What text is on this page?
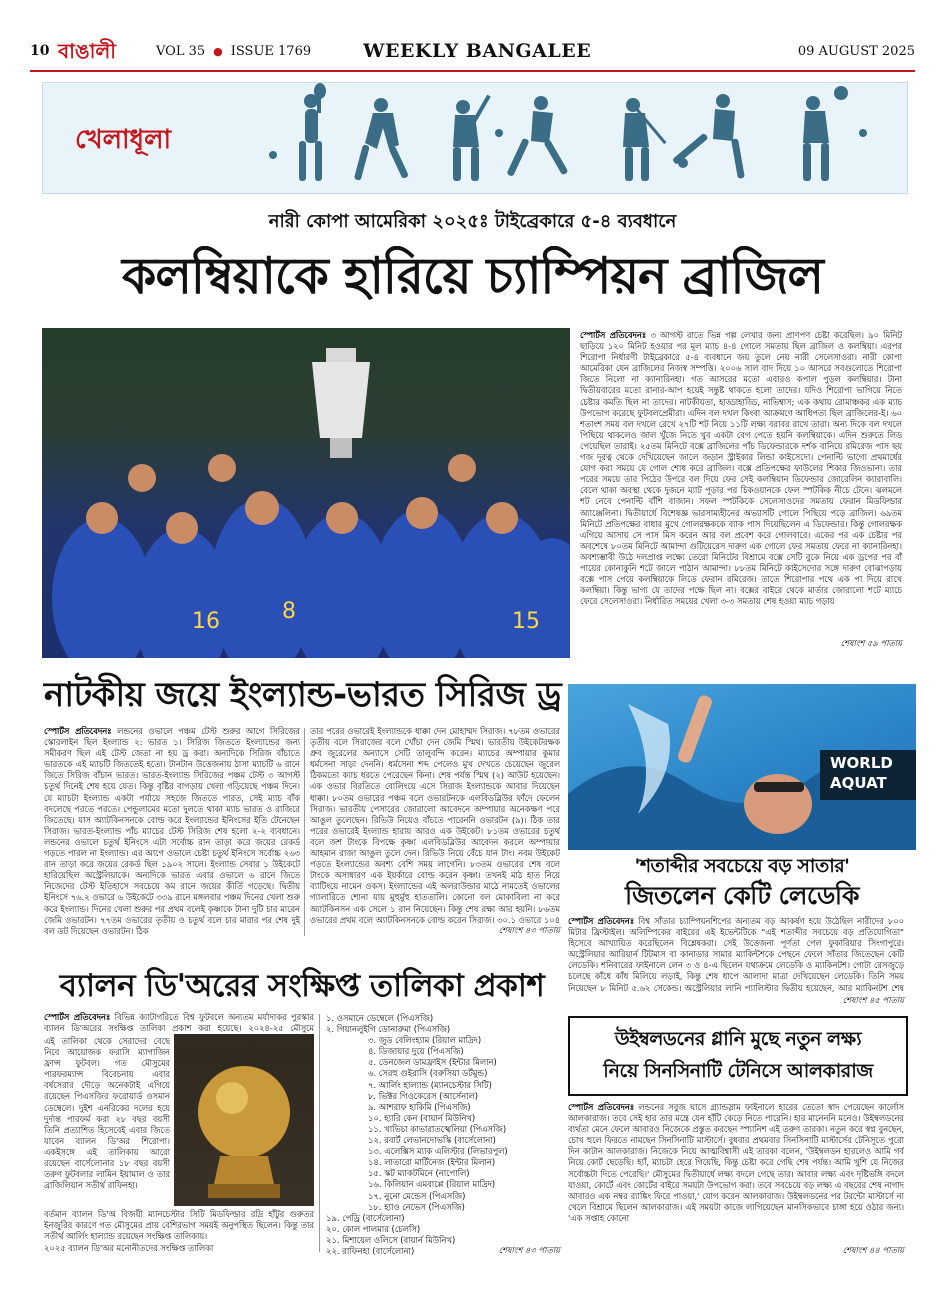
10 বাঙালী	VOL 35 ● ISSUE 1769	WEEKLY BANGALEE	09 AUGUST 2025
খেলাধূলা
নারী কোপা আমেরিকা ২০২৫ঃ টাইব্রেকারে ৫-৪ ব্যবধানে
কলম্বিয়াকে হারিয়ে চ্যাম্পিয়ন ব্রাজিল
16	8	15
স্পোর্টস প্রতিবেদনঃ ৩ আগস্ট রাতে ভিন্ন গল্প লেখার জন্য প্রাণপণ চেষ্টা করেছিল। ৯০ মিনিট ছাড়িয়ে ১২০ মিনিট হওয়ার পর মূল ম্যাচ ৪-৪ গোলে সমতায় ছিল ব্রাজিল ও কলম্বিয়া। এরপর শিরোপা নির্ধারণী টাইব্রেকারে ৫-৪ ব্যবধানে জয় তুলে নেয় নারী সেলেসাওরা। নারী কোপা আমেরিকা যেন ব্রাজিলের নিজস্ব সম্পত্তি। ২০০৬ সাল বাদ দিয়ে ১০ আসরে সবগুলোতে শিরোপা জিতে নিলো না ক্যানারিনহা। গত আসরের মতো এবারও কপাল পুড়ল কলম্বিয়ার। টানা দ্বিতীয়বারের মতো রানার-আপ হয়েই সন্তুষ্ট থাকতে হলো তাদের। যদিও শিরোপা ভাগিয়ে নিতে চেষ্টার কমতি ছিল না তাদের। নাটকীয়তা, হাড্ডাহাড্ডি, নাভিশ্বাস; এক কথায় রোমাঞ্চকর এক ম্যাচ উপভোগ করেছে ফুটবলপ্রেমীরা। এদিন বল দখল কিংবা আক্রমণে আধিপত্য ছিল ব্রাজিলের-ই। ৬০ শতাংশ সময় বল দখলে রেখে ২৭টি শট নিয়ে ১১টি লক্ষ্য বরাবর রাখে তারা। অন্য দিকে বল দখলে পিছিয়ে থাকলেও জাল খুঁজে নিতে খুব একটা বেগ পেতে হয়নি কলম্বিয়াকে। এদিন শুরুতে লিড পেয়েছিল তারাই। ২৫তম মিনিটে বক্সে ব্রাজিলের পাঁচ ডিফেন্ডারকে দর্শক বানিয়ে রমিরেজ পাস ছয় গজ দূরত্ব থেকে দেখিয়েছেন জালে জড়ান স্ট্রাইকার লিন্ডা কাইসেদো। পেনাল্টি ভাগ্যে প্রথমার্ধের যোগ করা সময়ে যে গোল শোধ করে ব্রাজিল। বক্সে প্রতিপক্ষের ফাউলের শিকার জিওভানা। তার পরের সময়ে তার পিঠের উপরে বল দিয়ে ফের সেই কলম্বিয়ান ডিফেন্ডার জোরেলিন ক্যারাবালি। বেলে থাকা অবস্থা থেকে দুজনে ম্যাট পূড়ার পর চিকওয়ানকে ফেল স্পটকিক নীচে টেনে। ঝলমলে শট নেবে পেনাল্টি বাঁশি বাজান। সফল স্পটকিকে সেলেসাওদের সমতায় ফেরান মিডফিল্ডার অ্যাঞ্জেলিনা। দ্বিতীয়ার্ধে বিশেষজ্ঞ ভারসাম্যহীনের অভ্যাসটি গোলে পিছিয়ে পড়ে ব্রাজিল। ৬৯তম মিনিটে প্রতিপক্ষের বাধার মুখে গোলরক্ষককে ব্যাক পাস দিয়েছিলেন এ ডিফেন্ডার। কিন্তু গোলরক্ষক এগিয়ে আসায় সে পাস মিস করেন আর বল প্রবেশ করে গোলবারে। একের পর এক চেষ্টার পর অবশেষে ৮০তম মিনিটে আমান্দা গুটিয়েরেস দারুণ এক গোলে ফের সমতায় ফেরে না ক্যানারিনহা। অবশ্যম্ভাবী উঠে দলপ্রাপ্ত লক্ষ্যে তেরো মিনিটের বিশ্রামে বক্সে সেটি বুকে নিয়ে এক ড্রপের পর বাঁ পায়ের কোনাকুনি শটে জালে পাঠান আমান্দা। ৮৮তম মিনিটে কাইসেদোর সঙ্গে দারুণ বোঝাপড়ায় বক্সে পাস পেয়ে কলম্বিয়াকে লিডে ফেরান রমিরেজ। তাতে শিরোপার পথে এক পা দিয়ে রাখে কলম্বিয়া। কিন্তু ভাগ্য যে তাদের পক্ষে ছিল না। বক্সের বাইরে থেকে মার্তার জোরালো শটে ম্যাচে ফেরে সেলেসাওরা। নির্ধারিত সময়ের খেলা ৩-৩ সমতায় শেষ হওয়া ম্যাচ গড়ায়
শেষাংশ ৫৯ পাতায়
নাটকীয় জয়ে ইংল্যান্ড-ভারত সিরিজ ড্র
স্পোর্টস প্রতিবেদনঃ লন্ডনের ওভালে পঞ্চম টেস্ট শুরুর আগে সিরিজের স্কোরলাইন ছিল ইংল্যান্ড ২: ভারত ১। সিরিজ জিততে ইংল্যান্ডের জন্য সমীকরণ ছিল এই টেস্ট জেতা না হয় ড্র করা। অন্যদিকে সিরিজ বাঁচাতে ভারতকে এই ম্যাচটি জিততেই হতো। টানটান উত্তেজনায় ঠাসা ম্যাচটি ৬ রানে জিতে সিরিজ বাঁচান ভারত। ভারত-ইংল্যান্ড সিরিজের পঞ্চম টেস্ট ৩ আগস্ট চতুর্থ দিনেই শেষ হয়ে যেত। কিন্তু বৃষ্টির বাগড়ায় খেলা গড়িয়েছে পঞ্চম দিনে। যে ম্যাচটা ইংল্যান্ড একটা পর্যায়ে সহজে জিততে পারত, সেই ম্যাচ বাঁক বদলেছে পরতে পরতে। পেন্ডুলামের মতো দুলতে থাকা ম্যাচ ভারত ও রাজিরে জিতেছে। যাস অ্যাটকিনসনকে বোল্ড করে ইংল্যান্ডের ইনিংসের ইতি টেনেছেন সিরাজ। ভারত-ইংল্যান্ড পাঁচ ম্যাচের টেস্ট সিরিজ শেষ হলো ২-২ ব্যবধানে। লন্ডনের ওভালে চতুর্থ ইনিংসে এটা সর্বোচ্চ রান তাড়া করে জয়ের রেকর্ড গড়তে পারল না ইংল্যান্ড। এর আগে ওভালে চেষ্টা চতুর্থ ইনিংসে সর্বোচ্চ ২৬৩ রান তাড়া করে জয়ের রেকর্ড ছিল ১৯০২ সালে। ইংল্যান্ড সেবার ১ উইকেটে হারিয়েছিল অস্ট্রেলিয়াকে। অন্যদিকে ভারত এবার ওভালে ৬ রানে জিতে নিজেদের টেস্ট ইতিহাসে সবচেয়ে কম রানে জয়ের কীর্তি গড়েছে। দ্বিতীয় ইনিংসে ৭৬.২ ওভারে ৬ উইকেটে ৩৩৯ রানে মঙ্গলবার পঞ্চম দিনের খেলা শুরু করে ইংল্যান্ড। দিনের খেলা শুরুর পর প্রথম বলেই কৃষ্ণাকে টানা দুটি চার মারেন জেমি ওভারটন। ৭৭তম ওভারের তৃতীয় ও চতুর্থ বলে চার মারার পর শেষ দুই বল ডট দিয়েছেন ওভারটন। ঠিক
তার পরের ওভারেই ইংল্যান্ডকে ধাক্কা দেন মোহাম্মদ সিরাজ। ৭৮তম ওভারের তৃতীয় বলে সিরাজের বলে খোঁচা দেন জেমি স্মিথ। ভারতীয় উইকেটরক্ষক ধ্রুব জুরেলের অন্যাসে সেটি তালুবন্দি করেন। ম্যাচের অম্পায়ার কুমার ধর্মসেনা সাড়া দেননি। ধর্মসেনা শব্দ পেলেও মুখ দেখতে চেয়েছেন জুরেল ঠিকমতো ক্যাচ ধরতে পেরেছেন কিনা। শেষ পর্যন্ত স্মিথ (২) আউট হয়েছেন। এক ওভার বিরতিতে বোলিংয়ে এসে সিরাজ ইংল্যান্ডকে আবার দিয়েছেন ধাক্কা। ৮০তম ওভারের পঞ্চম বলে ওভারটনকে এলবিডব্লিউর ফাঁদে ফেলেন সিরাজ। ভারতীয় পেসারের জোরালো আবেদনে অম্পায়ার অনেকক্ষণ পরে আঙুল তুলেছেন। রিভিউ নিয়েও বাঁচতে পারেননি ওভারটন (৯)। ঠিক তার পরের ওভারেই ইংল্যান্ড হারায় আরও এক উইকেট। ৮১তম ওভারের চতুর্থ বলে জশ টাংকে বিপক্ষে কৃষ্ণা এলবিডব্লিউর আবেদন করলে অম্পায়ার আহমান রাজা আঙুল তুলে দেন। রিভিউ নিয়ে বেঁচে যান টাং। নবম উইকেট পড়তে ইংল্যান্ডের অবশ্য বেশি সময় লাগেনি। ৮৩তম ওভারের শেষ বলে টাংকে অসাধারণ এক ইয়র্কারে বোল্ড করেন কৃষ্ণা। তখনই মাঠ হাত নিয়ে ব্যাটিংয়ে নামেন ওকস। ইংল্যান্ডের এই অলরাউন্ডার মাঠে নামতেই ওভালের গ্যালারিতে শোনা যায় মুহুর্মুহু হাততালি। কোনো বল মোকাবিলা না করে অ্যাটকিনসন এক সেলে ১ রান নিয়েছেন। কিন্তু শেষ রক্ষা আর হয়নি। ৮৬তম ওভারের প্রথম বলে অ্যাটকিনসনকে বোল্ড করেন সিরাজ। ৩০.১ ওভারে ১০৪
শেষাংশ ৪৩ পাতায়
WORLD
AQUAT
'শতাব্দীর সবচেয়ে বড় সাতার'
জিতলেন কেটি লেডেকি
স্পোর্টস প্রতিবেদনঃ বিশ্ব সাঁতার চ্যাম্পিয়নশিপের অন্যতম বড় আকর্ষণ হয়ে উঠেছিল নারীদের ৮০০ মিটার ফ্রিস্টাইল। অলিম্পিকের বাইরের এই ইভেন্টটিকে "এই শতাব্দীর সবচেয়ে বড় প্রতিযোগিতা" হিসেবে আখ্যায়িত করেছিলেন বিশ্লেষকরা। সেই উত্তেজনা পূর্ণতা পেল ফুকারিয়ার সিংগাপুরে। অস্ট্রেলিয়ার আরিয়ার্ন টিটমাস বা কানাডার সামার ম্যাকিন্টশকে পেছনে ফেলে সাঁতার জিতেছেন কেটি লেডেকি। শনিবারের ফাইনালে লেন ৩ ও ৪-এ ছিলেন যথাক্রমে লেডেকি ও ম্যাকিনটশ। গোটা রেসজুড়ে চলেছে কাঁধে কাঁধ মিলিয়ে লড়াই, কিন্তু শেষ ধাপে আলাদা মাত্রা দেখিয়েছেন লেডেকি। তিনি সময় নিয়েছেন ৮ মিনিট ৫.৬২ সেকেন্ড। অস্ট্রেলিয়ার লানি প্যালিস্টার দ্বিতীয় হয়েছেন, আর ম্যাকিনটশ শেষ
শেষাংশ ৪৫ পাতায়
ব্যালন ডি'অরের সংক্ষিপ্ত তালিকা প্রকাশ
স্পোর্টস প্রতিবেদনঃ বিভিন্ন ক্যাটাগরিতে বিশ্ব ফুটবলে অন্যতম মর্যাদাকর পুরস্কার ব্যালন ডি'অরের সংক্ষিপ্ত তালিকা প্রকাশ করা হয়েছে। ২০২৪-২৫ মৌসুমে
এই তালিকা থেকে সেরাদের বেছে নিবে আয়োজক ফরাসি ম্যাগাজিন ফ্রান্স ফুটবল। গত মৌসুমের পারফরম্যান্স বিবেচনায় এবার বর্ষসেরার দৌড়ে অনেকটাই এগিয়ে রয়েছেন পিএসজির ফরোয়ার্ড ওসমান ডেম্বেলে। দুইশ এনরিকের দলের হয়ে দুর্দান্ত পারফর্ম করা ২৮ বছর বয়সী তিনি প্রত্যাশিত হিসেবেই এবার জিতে যাবেন ব্যালন ডি'অর শিরোপা। একইসঙ্গে এই তালিকায় আরো রয়েছেন বার্সেলোনার ১৮ বছর বয়সী তরুণ ফুটবলার লামিন ইয়ামাল ও তার ব্রাজিলিয়ান সতীর্থ রাফিনহা।
বর্তমান ব্যালন ডি'অ বিজয়ী ম্যানচেস্টার সিটি মিডফিল্ডার রদ্রি হাঁটুর গুরুতর ইনজুরির কারণে গত মৌসুমের প্রায় বেশিরভাগ সময়ই অনুপস্থিত ছিলেন। কিন্তু তার সতীর্থ আর্লিং হাল্যান্ড রয়েছেন সংক্ষিপ্ত তালিকায়।
২০২৫ ব্যালন ডি'অর মনোনীতদের সংক্ষিপ্ত তালিকা
১. ওসমানে ডেম্বেলে (পিএসজি)
২. গিয়ানলুইগি ডোনারুমা (পিএসজি)
৩. জুড বেলিংহ্যাম (রিয়াল মাদ্রিদ)
৪. ডিজায়ার দুয়ে (পিএসজি)
৫. ডেনজেল ডামফ্রাইস (ইন্টার মিলান)
৬. সেরহু গুইরাসি (বরুসিয়া ডর্টমুন্ড)
৭. আর্লিং হাল্যান্ড (ম্যানচেস্টার সিটি)
৮. ভিক্টর গিওকেরেস (আর্সেনাল)
৯. আশরাফ হাকিমি (পিএসজি)
১০. হ্যারি কেন (বায়ার্ন মিউনিখ)
১১. খাভিচা কাভারাতস্খেলিয়া (পিএসজি)
১২. রবার্ট লেভানদোভস্কি (বার্সেলোনা)
১৩. এলেক্সিস ম্যাক এলিস্টার (লিভারপুল)
১৪. লাতারো মার্টিনেজ (ইন্টার মিলান)
১৫. স্কট ম্যাকটমিনে (নাপোলি)
১৬. কিলিয়ান এমবাপ্পে (রিয়াল মাদ্রিদ)
১৭. নুনো মেন্ডেস (পিএসজি)
১৮. হ্যাও নেভেস (পিএসজি)
১৯. পেড্রি (বার্সেলোনা)
২০. কোল পালমার (চেলসি)
২১. মিশায়েল ওলিসে (বায়ার্ন মিউনিখ)
২২. রাফিনহা (বার্সেলোনা)	শেষাংশ ৪৩ পাতায়
উইম্বলডনের গ্লানি মুছে নতুন লক্ষ্য
নিয়ে সিনসিনাটি টেনিসে আলকারাজ
স্পোর্টস প্রতিবেদনঃ লন্ডনের সবুজ ঘাসে গ্র্যান্ডস্লাম ফাইনালে হারের তেতো স্বাদ পেয়েছেন কার্লোস আলকারাজ। তবে সেই হার তার মন্ত্রে যেন হাঁটি কেড়ে নিতে পারেনি। হার মানেননি মনেও। উইম্বলডনের ব্যর্থতা মেনে ফেলে আবারও নিজেকে প্রস্তুত করছেন স্প্যানিশ এই তরুণ তারকা। নতুন করে স্বপ্ন বুনছেন, চোখ হুলে ফিরতে নামছেন সিনসিনাটি মাস্টার্সে। বুধবার প্রথমবার সিনসিনাটি মাস্টার্সের টেনিসূতে পুরো দিন কাটান আলকারাজ। নিজেকে নিয়ে আত্মবিশ্বাসী এই তারকা বলেন, 'উইম্বলডন হারলেও আমি গর্ব নিয়ে কোর্ট ছেড়েছি। হ্যাঁ, ম্যাচটা হেরে গিয়েছি, কিন্তু চেষ্টা করে গেছি শেষ পর্যন্ত। আমি খুশি যে নিজের সর্বোচ্চটা দিতে পেরেছি।' মৌসুমের দ্বিতীয়ার্ধে লক্ষ্য বদলে গেছে তার। আবার লক্ষ্য এবং দৃষ্টিভঙ্গি বদলে যাওয়া, কোর্টে এবং কোর্টের বাইরে সময়টা উপভোগ করা। তবে সবচেয়ে বড় লক্ষ্য এ বছরের শেষ নাগাদ আবারও এক নম্বর র‌্যাঙ্কিং ফিরে পাওয়া,' যোগ করেন আলকারাজ। উইম্বলডনের পর টরন্টো মাস্টার্সে না খেলে বিশ্রামে ছিলেন আলকারাজ। এই সময়টা কাজে লাগিয়েছেন মানসিকভাবে চাঙ্গা হয়ে ওঠার জন্য। 'এক সপ্তাহ কোনো
শেষাংশ ৪৪ পাতায়
